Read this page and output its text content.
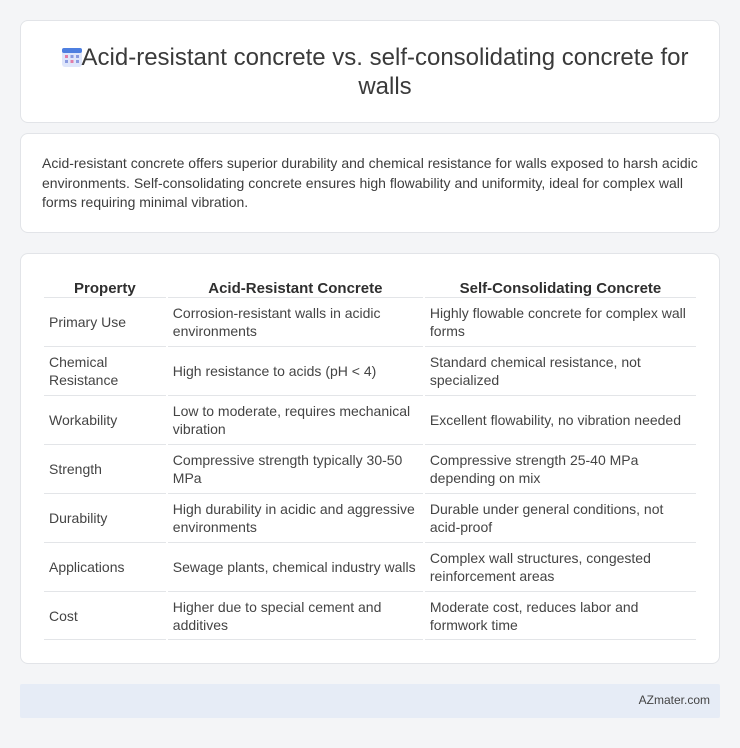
Acid-resistant concrete vs. self-consolidating concrete for walls

Acid-resistant concrete offers superior durability and chemical resistance for walls exposed to harsh acidic environments. Self-consolidating concrete ensures high flowability and uniformity, ideal for complex wall forms requiring minimal vibration.

Property	Acid-Resistant Concrete	Self-Consolidating Concrete
Primary Use	Corrosion-resistant walls in acidic environments	Highly flowable concrete for complex wall forms
Chemical Resistance	High resistance to acids (pH < 4)	Standard chemical resistance, not specialized
Workability	Low to moderate, requires mechanical vibration	Excellent flowability, no vibration needed
Strength	Compressive strength typically 30-50 MPa	Compressive strength 25-40 MPa depending on mix
Durability	High durability in acidic and aggressive environments	Durable under general conditions, not acid-proof
Applications	Sewage plants, chemical industry walls	Complex wall structures, congested reinforcement areas
Cost	Higher due to special cement and additives	Moderate cost, reduces labor and formwork time
AZmater.com
